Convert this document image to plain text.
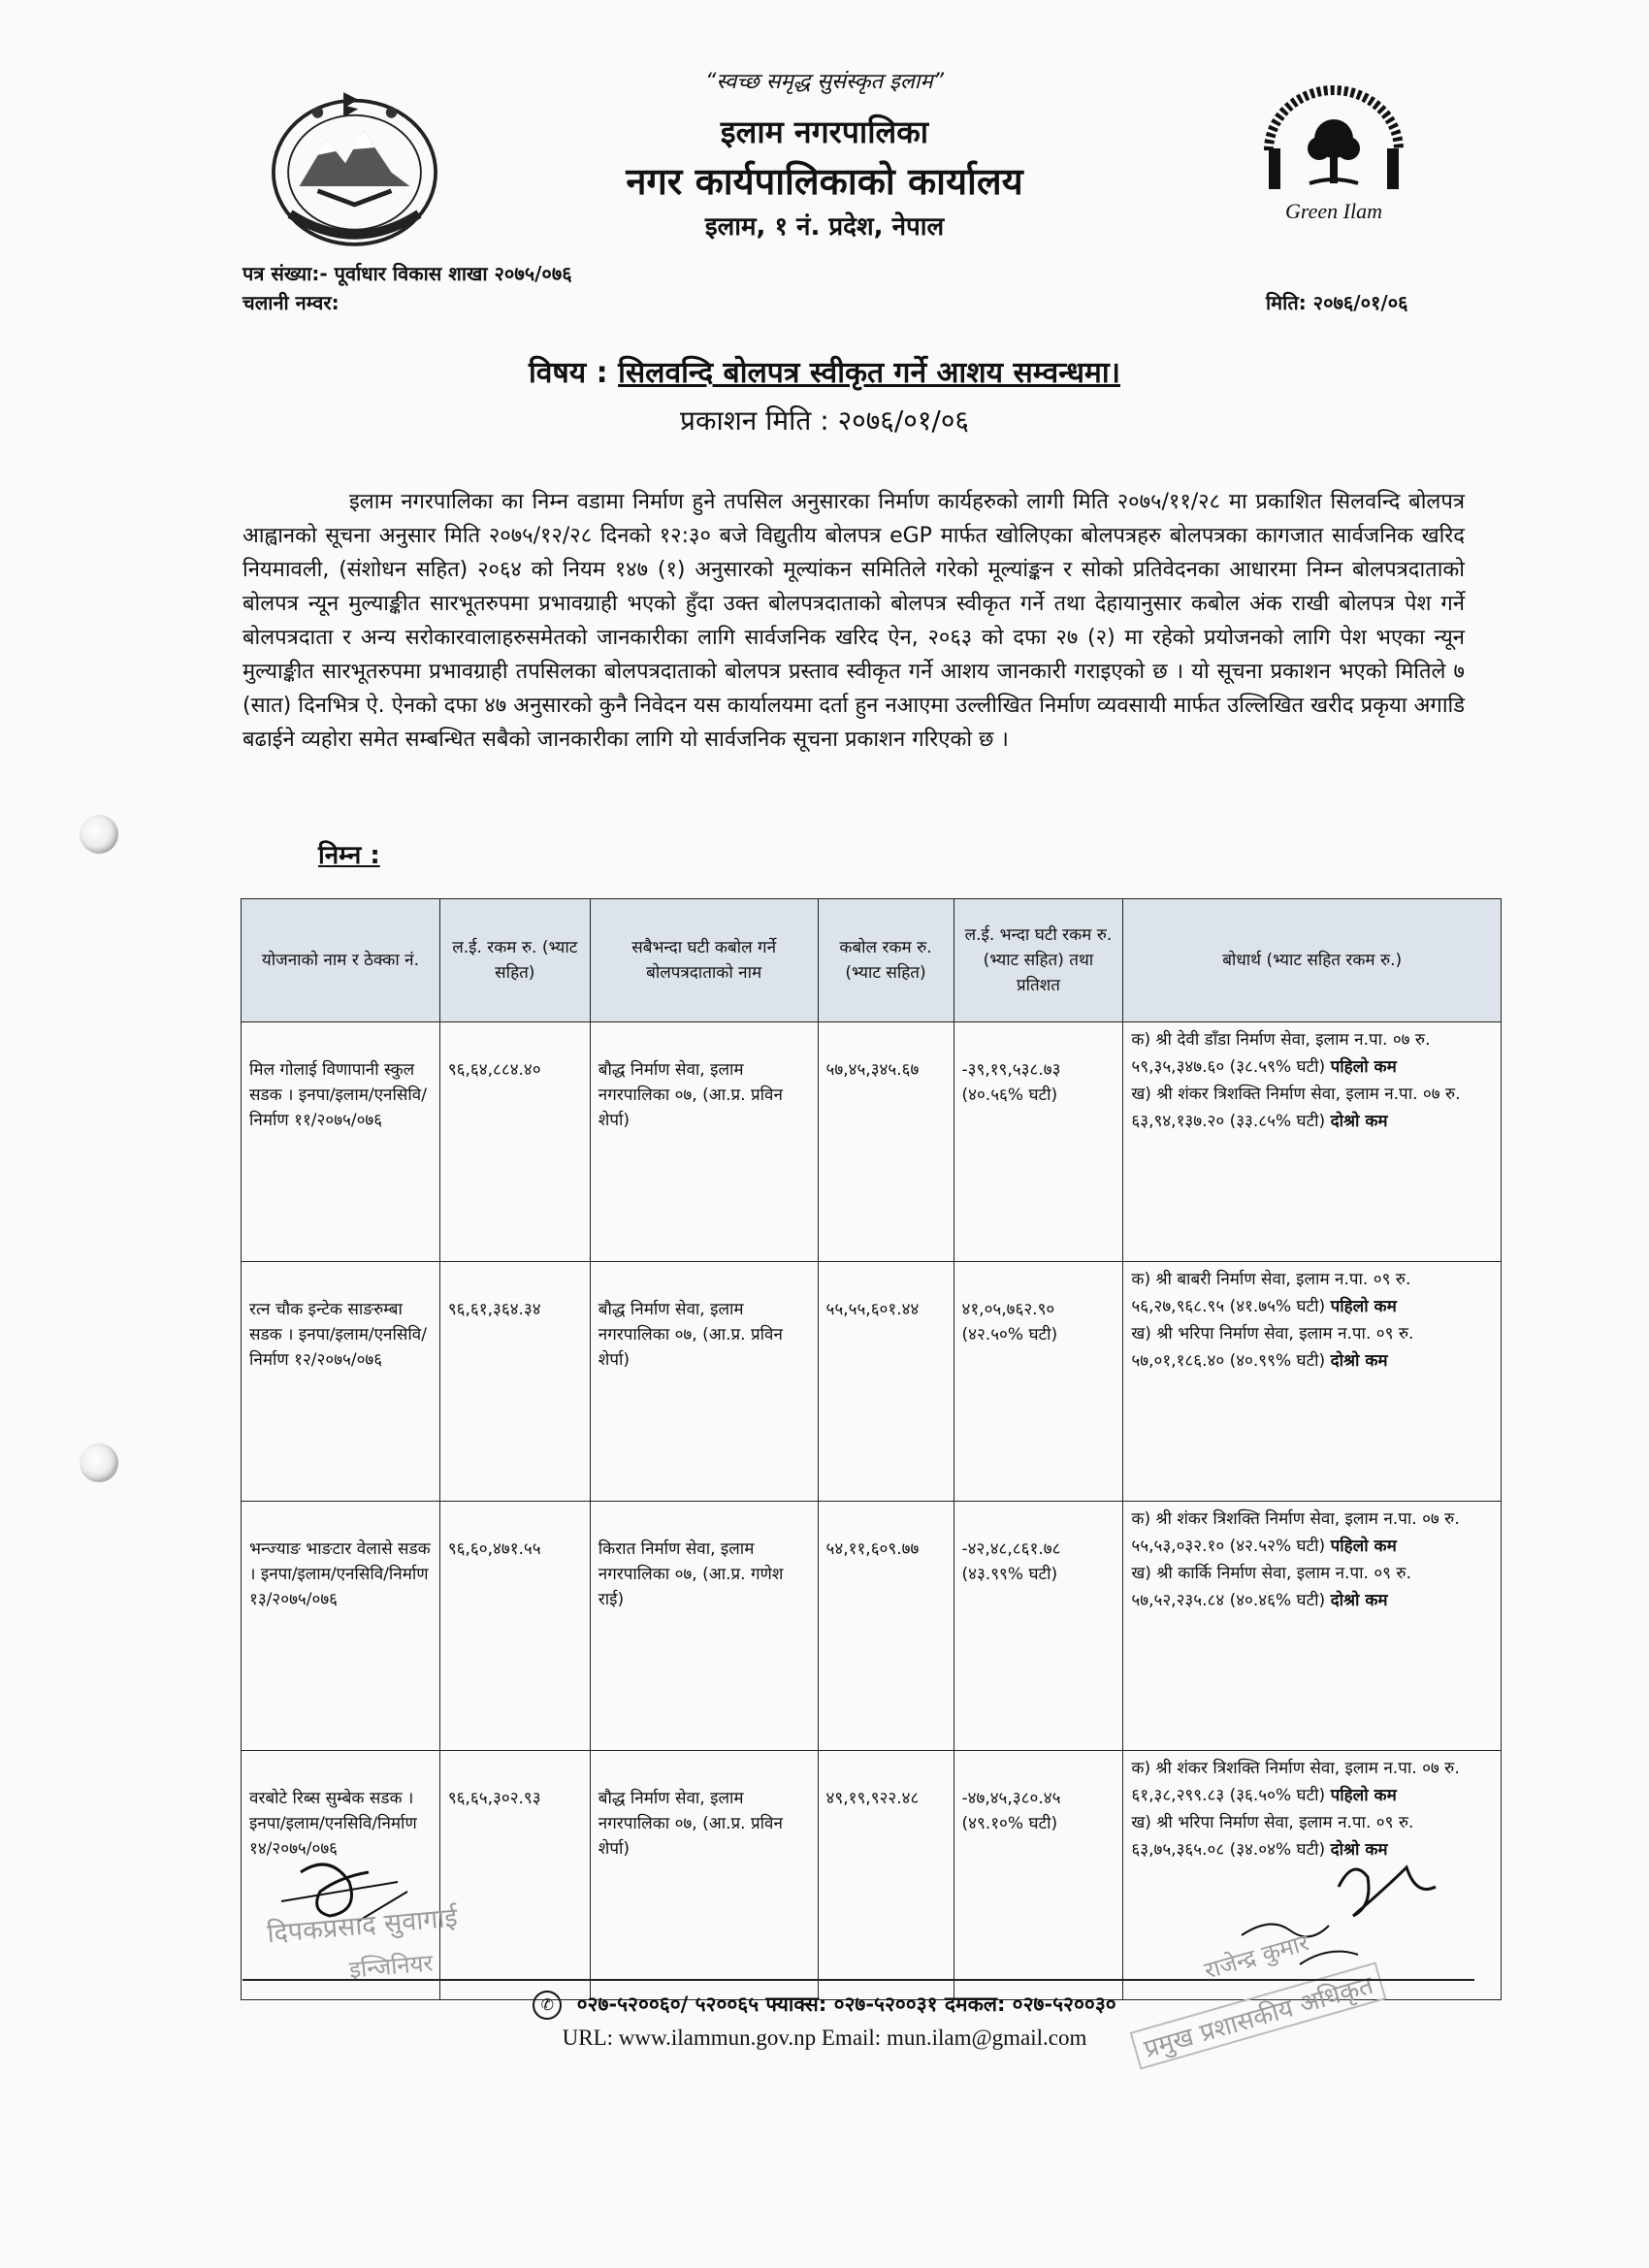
Green Ilam
“स्वच्छ समृद्ध सुसंस्कृत इलाम”
इलाम नगरपालिका
नगर कार्यपालिकाको कार्यालय
इलाम, १ नं. प्रदेश, नेपाल
पत्र संख्या:- पूर्वाधार विकास शाखा २०७५/०७६
चलानी नम्वर:	मिति: २०७६/०१/०६
विषय : सिलवन्दि बोलपत्र स्वीकृत गर्ने आशय सम्वन्धमा।
प्रकाशन मिति : २०७६/०१/०६
इलाम नगरपालिका का निम्न वडामा निर्माण हुने तपसिल अनुसारका निर्माण कार्यहरुको लागी मिति २०७५/११/२८ मा प्रकाशित सिलवन्दि बोलपत्र आह्वानको सूचना अनुसार मिति २०७५/१२/२८ दिनको १२:३० बजे विद्युतीय बोलपत्र eGP मार्फत खोलिएका बोलपत्रहरु बोलपत्रका कागजात सार्वजनिक खरिद नियमावली, (संशोधन सहित) २०६४ को नियम १४७ (१) अनुसारको मूल्यांकन समितिले गरेको मूल्यांङ्कन र सोको प्रतिवेदनका आधारमा निम्न बोलपत्रदाताको बोलपत्र न्यून मुल्याङ्कीत सारभूतरुपमा प्रभावग्राही भएको हुँदा उक्त बोलपत्रदाताको बोलपत्र स्वीकृत गर्ने तथा देहायानुसार कबोल अंक राखी बोलपत्र पेश गर्ने बोलपत्रदाता र अन्य सरोकारवालाहरुसमेतको जानकारीका लागि सार्वजनिक खरिद ऐन, २०६३ को दफा २७ (२) मा रहेको प्रयोजनको लागि पेश भएका न्यून मुल्याङ्कीत सारभूतरुपमा प्रभावग्राही तपसिलका बोलपत्रदाताको बोलपत्र प्रस्ताव स्वीकृत गर्ने आशय जानकारी गराइएको छ । यो सूचना प्रकाशन भएको मितिले ७ (सात) दिनभित्र ऐ. ऐनको दफा ४७ अनुसारको कुनै निवेदन यस कार्यालयमा दर्ता हुन नआएमा उल्लीखित निर्माण व्यवसायी मार्फत उल्लिखित खरीद प्रकृया अगाडि बढाईने व्यहोरा समेत सम्बन्धित सबैको जानकारीका लागि यो सार्वजनिक सूचना प्रकाशन गरिएको छ ।
निम्न :
योजनाको नाम र ठेक्का नं.	ल.ई. रकम रु. (भ्याट सहित)	सबैभन्दा घटी कबोल गर्ने बोलपत्रदाताको नाम	कबोल रकम रु. (भ्याट सहित)	ल.ई. भन्दा घटी रकम रु. (भ्याट सहित) तथा प्रतिशत	बोधार्थ (भ्याट सहित रकम रु.)
मिल गोलाई विणापानी स्कुल सडक । इनपा/इलाम/एनसिवि/निर्माण ११/२०७५/०७६	९६,६४,८८४.४०	बौद्ध निर्माण सेवा, इलाम नगरपालिका ०७, (आ.प्र. प्रविन शेर्पा)	५७,४५,३४५.६७	-३९,१९,५३८.७३ (४०.५६% घटी)	क) श्री देवी डाँडा निर्माण सेवा, इलाम न.पा. ०७ रु. ५९,३५,३४७.६० (३८.५९% घटी) पहिलो कम
ख) श्री शंकर त्रिशक्ति निर्माण सेवा, इलाम न.पा. ०७ रु. ६३,९४,१३७.२० (३३.८५% घटी) दोश्रो कम
रत्न चौक इन्टेक साङरुम्बा सडक । इनपा/इलाम/एनसिवि/निर्माण १२/२०७५/०७६	९६,६१,३६४.३४	बौद्ध निर्माण सेवा, इलाम नगरपालिका ०७, (आ.प्र. प्रविन शेर्पा)	५५,५५,६०१.४४	४१,०५,७६२.९० (४२.५०% घटी)	क) श्री बाबरी निर्माण सेवा, इलाम न.पा. ०९ रु. ५६,२७,९६८.९५ (४१.७५% घटी) पहिलो कम
ख) श्री भरिपा निर्माण सेवा, इलाम न.पा. ०९ रु. ५७,०१,१८६.४० (४०.९९% घटी) दोश्रो कम
भन्ज्याङ भाङटार वेलासे सडक । इनपा/इलाम/एनसिवि/निर्माण १३/२०७५/०७६	९६,६०,४७१.५५	किरात निर्माण सेवा, इलाम नगरपालिका ०७, (आ.प्र. गणेश राई)	५४,११,६०९.७७	-४२,४८,८६१.७८ (४३.९९% घटी)	क) श्री शंकर त्रिशक्ति निर्माण सेवा, इलाम न.पा. ०७ रु. ५५,५३,०३२.१० (४२.५२% घटी) पहिलो कम
ख) श्री कार्कि निर्माण सेवा, इलाम न.पा. ०९ रु. ५७,५२,२३५.८४ (४०.४६% घटी) दोश्रो कम
वरबोटे रिब्स सुम्बेक सडक । इनपा/इलाम/एनसिवि/निर्माण १४/२०७५/०७६	९६,६५,३०२.९३	बौद्ध निर्माण सेवा, इलाम नगरपालिका ०७, (आ.प्र. प्रविन शेर्पा)	४९,१९,९२२.४८	-४७,४५,३८०.४५ (४९.१०% घटी)	क) श्री शंकर त्रिशक्ति निर्माण सेवा, इलाम न.पा. ०७ रु. ६१,३८,२९९.८३ (३६.५०% घटी) पहिलो कम
ख) श्री भरिपा निर्माण सेवा, इलाम न.पा. ०९ रु. ६३,७५,३६५.०८ (३४.०४% घटी) दोश्रो कम
दिपकप्रसाद सुवागाई
इन्जिनियर	राजेन्द्र कुमार
प्रमुख प्रशासकीय अधिकृत
✆ ०२७-५२००६०/ ५२००६५ फ्याक्स: ०२७-५२००३१ दमकल: ०२७-५२००३०
URL: www.ilammun.gov.np Email: mun.ilam@gmail.com
